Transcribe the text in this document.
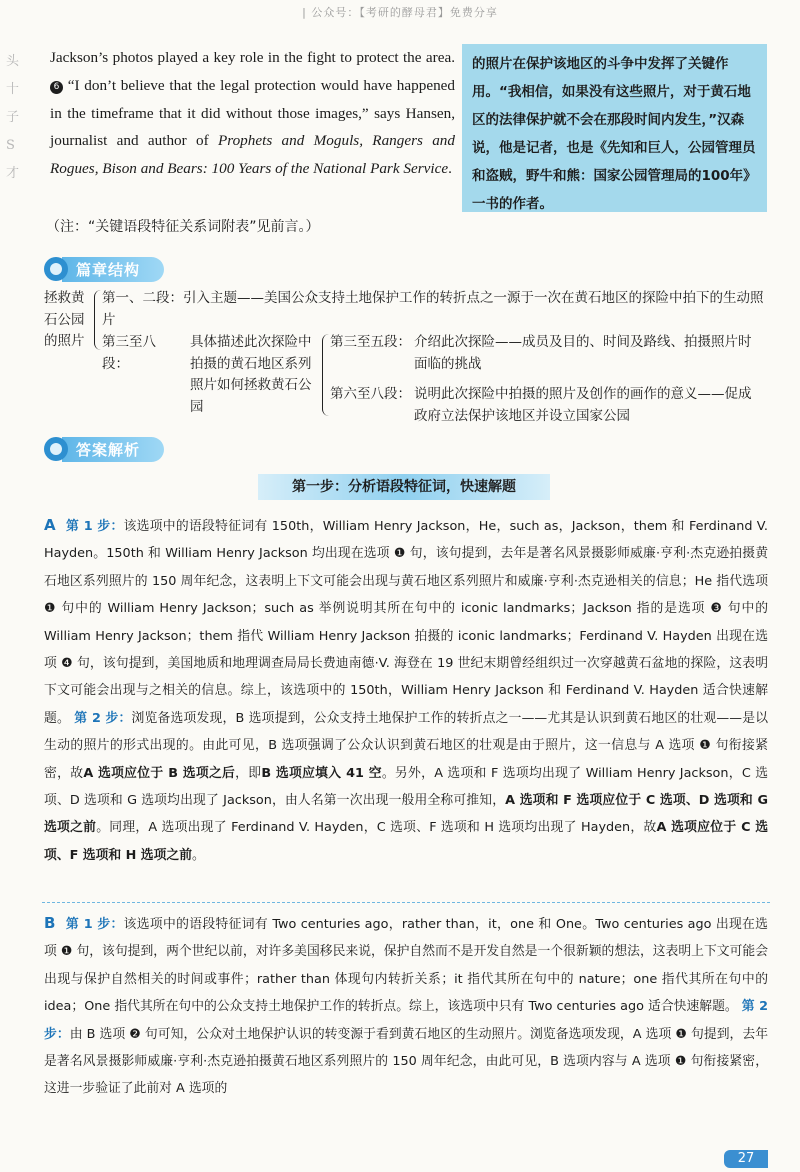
| 公众号：【考研的酵母君】免费分享
头
十
子
S
才
Jackson’s photos played a key role in the fight to protect the area. 6 “I don’t believe that the legal protection would have happened in the timeframe that it did without those images,” says Hansen, journalist and author of Prophets and Moguls, Rangers and Rogues, Bison and Bears: 100 Years of the National Park Service.
的照片在保护该地区的斗争中发挥了关键作用。“我相信，如果没有这些照片，对于黄石地区的法律保护就不会在那段时间内发生，”汉森说，他是记者，也是《先知和巨人，公园管理员和盗贼，野牛和熊：国家公园管理局的100年》一书的作者。
（注：“关键语段特征关系词附表”见前言。）
篇章结构
拯救黄石公园的照片
第一、二段：引入主题——美国公众支持土地保护工作的转折点之一源于一次在黄石地区的探险中拍下的生动照片
第三至八段：
具体描述此次探险中拍摄的黄石地区系列照片如何拯救黄石公园
第三至五段： 介绍此次探险——成员及目的、时间及路线、拍摄照片时面临的挑战
第六至八段： 说明此次探险中拍摄的照片及创作的画作的意义——促成政府立法保护该地区并设立国家公园
答案解析
第一步：分析语段特征词，快速解题
A 第 1 步：该选项中的语段特征词有 150th，William Henry Jackson，He，such as，Jackson，them 和 Ferdinand V. Hayden。150th 和 William Henry Jackson 均出现在选项 ❶ 句，该句提到，去年是著名风景摄影师威廉·亨利·杰克逊拍摄黄石地区系列照片的 150 周年纪念，这表明上下文可能会出现与黄石地区系列照片和威廉·亨利·杰克逊相关的信息；He 指代选项 ❶ 句中的 William Henry Jackson；such as 举例说明其所在句中的 iconic landmarks；Jackson 指的是选项 ❸ 句中的 William Henry Jackson；them 指代 William Henry Jackson 拍摄的 iconic landmarks；Ferdinand V. Hayden 出现在选项 ❹ 句，该句提到，美国地质和地理调查局局长费迪南德·V. 海登在 19 世纪末期曾经组织过一次穿越黄石盆地的探险，这表明下文可能会出现与之相关的信息。综上，该选项中的 150th，William Henry Jackson 和 Ferdinand V. Hayden 适合快速解题。 第 2 步：浏览备选项发现，B 选项提到，公众支持土地保护工作的转折点之一——尤其是认识到黄石地区的壮观——是以生动的照片的形式出现的。由此可见，B 选项强调了公众认识到黄石地区的壮观是由于照片，这一信息与 A 选项 ❶ 句衔接紧密，故A 选项应位于 B 选项之后，即B 选项应填入 41 空。另外，A 选项和 F 选项均出现了 William Henry Jackson，C 选项、D 选项和 G 选项均出现了 Jackson，由人名第一次出现一般用全称可推知，A 选项和 F 选项应位于 C 选项、D 选项和 G 选项之前。同理，A 选项出现了 Ferdinand V. Hayden，C 选项、F 选项和 H 选项均出现了 Hayden，故A 选项应位于 C 选项、F 选项和 H 选项之前。
B 第 1 步：该选项中的语段特征词有 Two centuries ago，rather than，it，one 和 One。Two centuries ago 出现在选项 ❶ 句，该句提到，两个世纪以前，对许多美国移民来说，保护自然而不是开发自然是一个很新颖的想法，这表明上下文可能会出现与保护自然相关的时间或事件；rather than 体现句内转折关系；it 指代其所在句中的 nature；one 指代其所在句中的 idea；One 指代其所在句中的公众支持土地保护工作的转折点。综上，该选项中只有 Two centuries ago 适合快速解题。 第 2 步：由 B 选项 ❷ 句可知，公众对土地保护认识的转变源于看到黄石地区的生动照片。浏览备选项发现，A 选项 ❶ 句提到，去年是著名风景摄影师威廉·亨利·杰克逊拍摄黄石地区系列照片的 150 周年纪念，由此可见，B 选项内容与 A 选项 ❶ 句衔接紧密，这进一步验证了此前对 A 选项的
27
